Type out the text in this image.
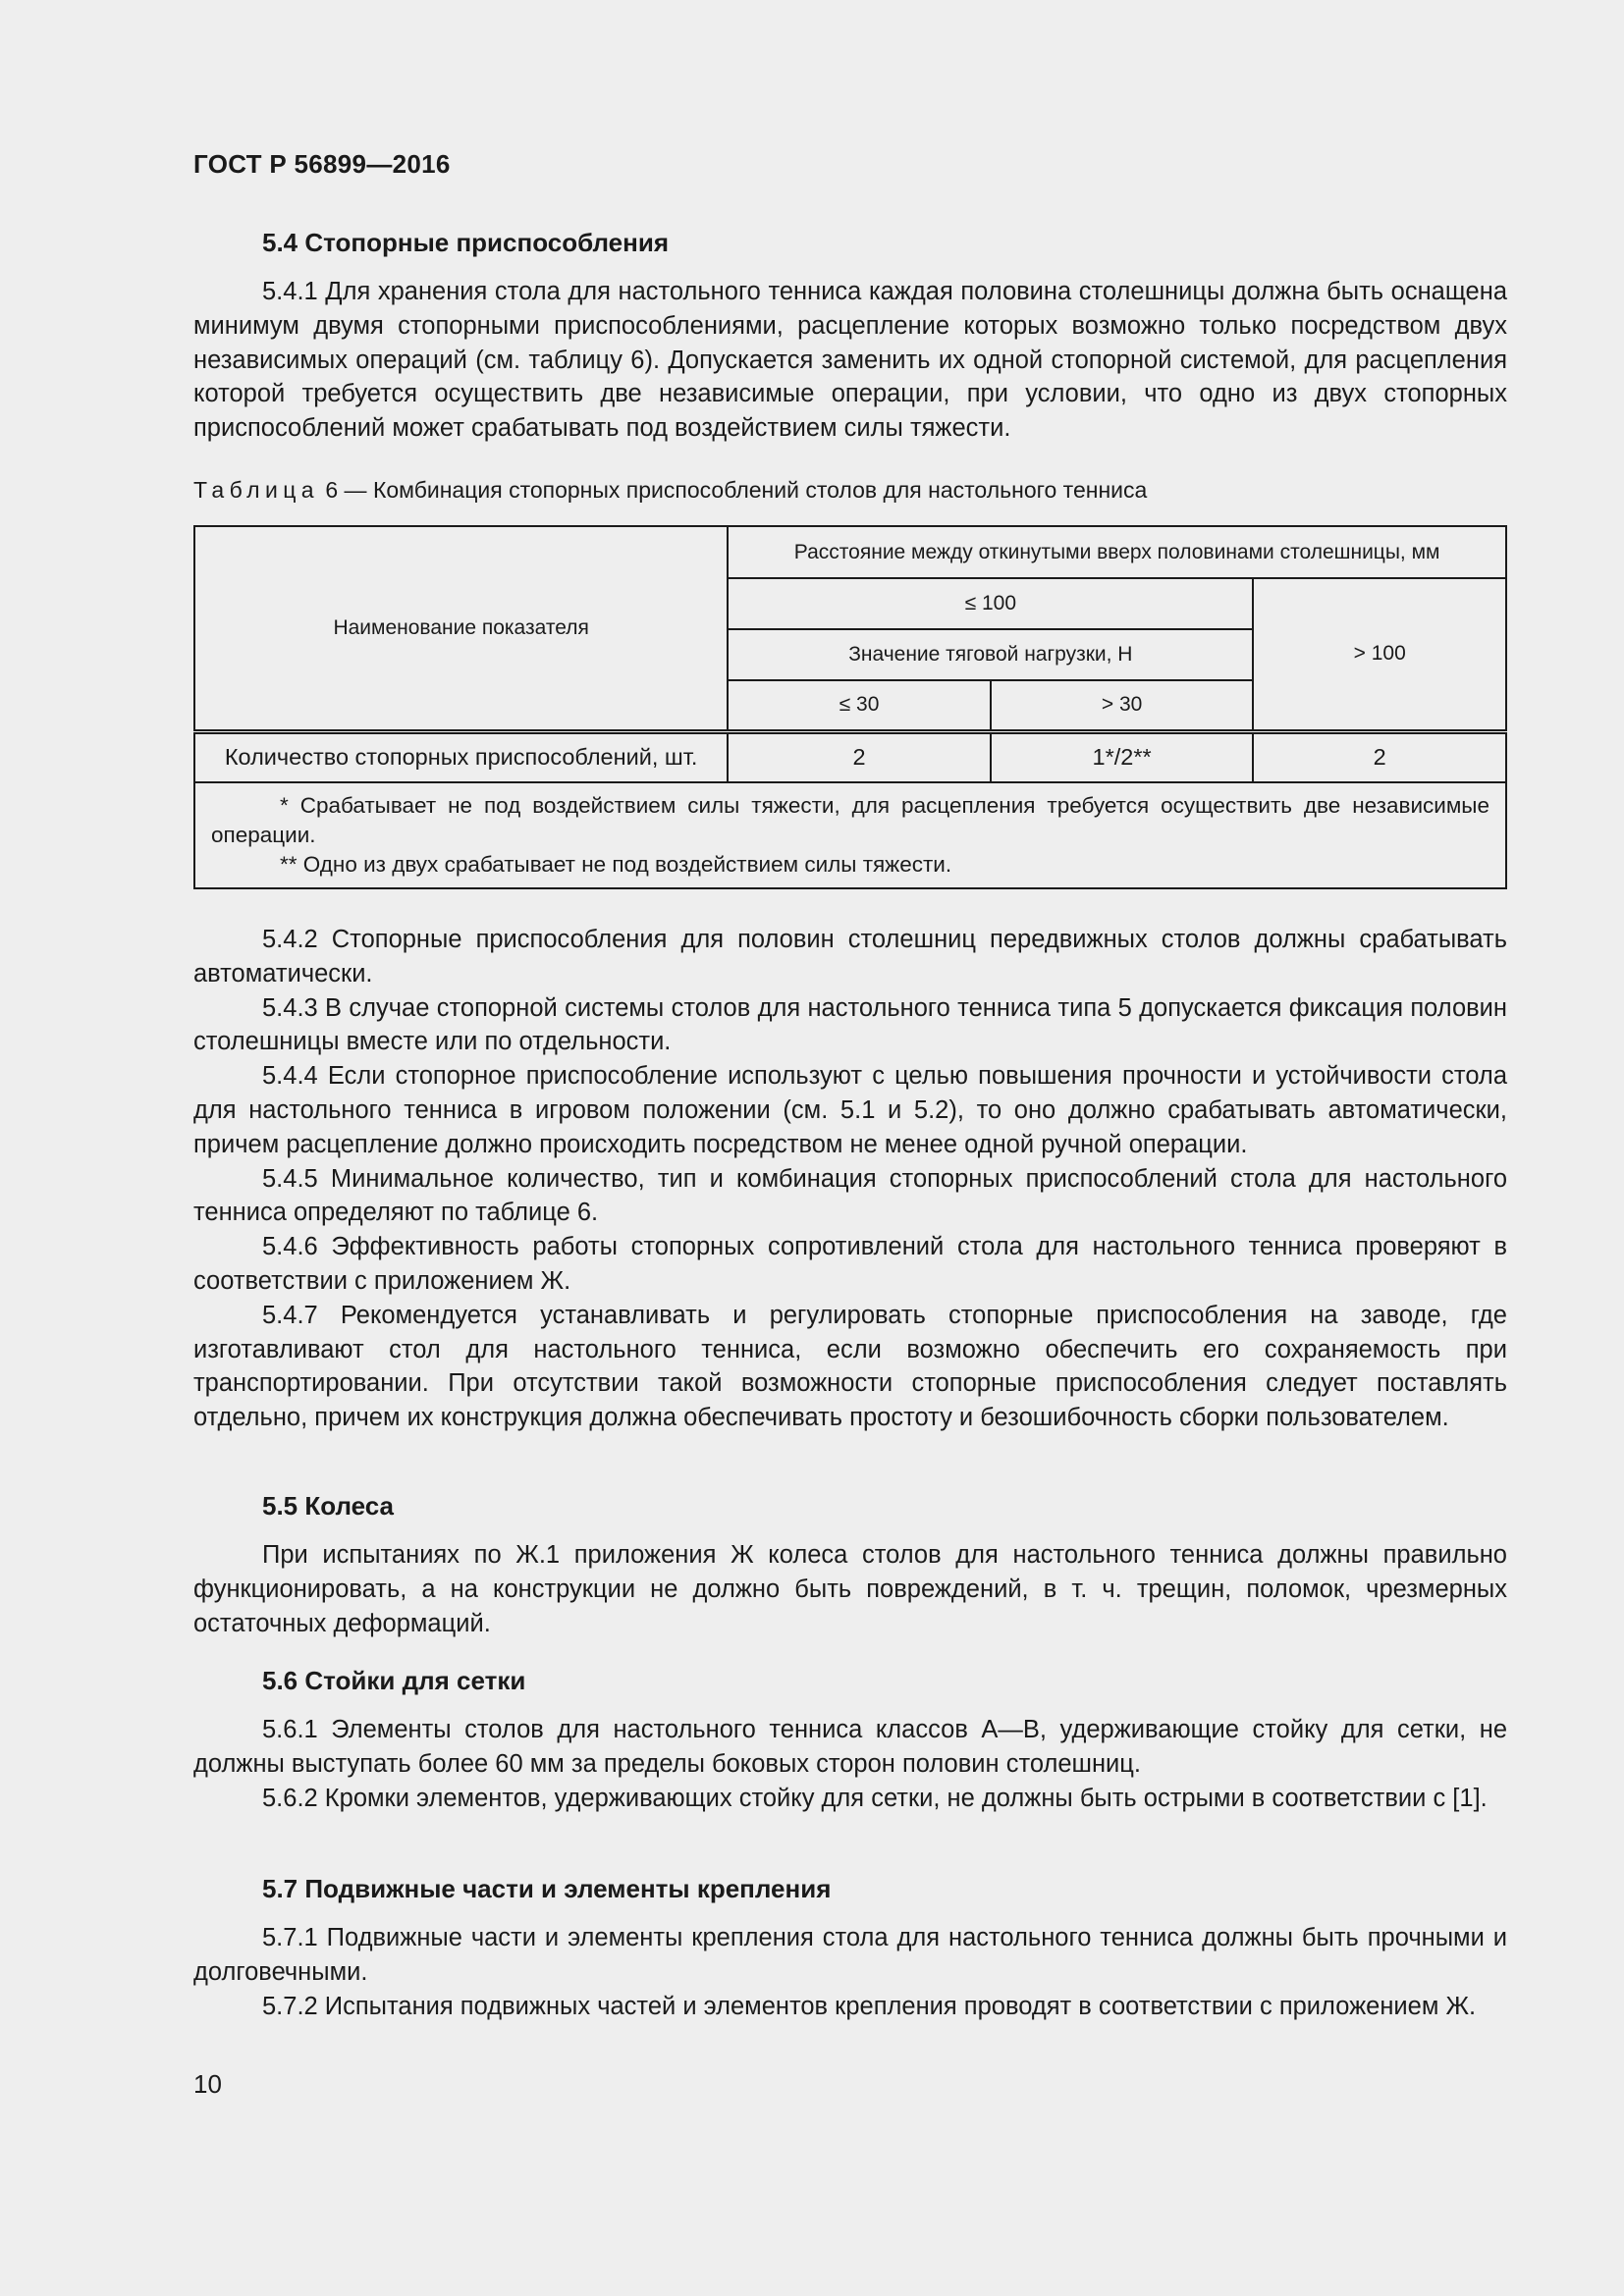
ГОСТ Р 56899—2016
5.4 Стопорные приспособления

5.4.1 Для хранения стола для настольного тенниса каждая половина столешницы должна быть оснащена минимум двумя стопорными приспособлениями, расцепление которых возможно только посредством двух независимых операций (см. таблицу 6). Допускается заменить их одной стопорной системой, для расцепления которой требуется осуществить две независимые операции, при условии, что одно из двух стопорных приспособлений может срабатывать под воздействием силы тяжести.

Таблица 6 — Комбинация стопорных приспособлений столов для настольного тенниса
Наименование показателя	Расстояние между откинутыми вверх половинами столешницы, мм		
	≤ 100		> 100
	Значение тяговой нагрузки, Н		
	≤ 30	> 30	
Количество стопорных приспособлений, шт.	2	1*/2**	2

* Срабатывает не под воздействием силы тяжести, для расцепления требуется осуществить две независимые операции.
** Одно из двух срабатывает не под воздействием силы тяжести.			

5.4.2 Стопорные приспособления для половин столешниц передвижных столов должны срабатывать автоматически.

5.4.3 В случае стопорной системы столов для настольного тенниса типа 5 допускается фиксация половин столешницы вместе или по отдельности.

5.4.4 Если стопорное приспособление используют с целью повышения прочности и устойчивости стола для настольного тенниса в игровом положении (см. 5.1 и 5.2), то оно должно срабатывать автоматически, причем расцепление должно происходить посредством не менее одной ручной операции.

5.4.5 Минимальное количество, тип и комбинация стопорных приспособлений стола для настольного тенниса определяют по таблице 6.

5.4.6 Эффективность работы стопорных сопротивлений стола для настольного тенниса проверяют в соответствии с приложением Ж.

5.4.7 Рекомендуется устанавливать и регулировать стопорные приспособления на заводе, где изготавливают стол для настольного тенниса, если возможно обеспечить его сохраняемость при транспортировании. При отсутствии такой возможности стопорные приспособления следует поставлять отдельно, причем их конструкция должна обеспечивать простоту и безошибочность сборки пользователем.

5.5 Колеса

При испытаниях по Ж.1 приложения Ж колеса столов для настольного тенниса должны правильно функционировать, а на конструкции не должно быть повреждений, в т. ч. трещин, поломок, чрезмерных остаточных деформаций.

5.6 Стойки для сетки

5.6.1 Элементы столов для настольного тенниса классов А—В, удерживающие стойку для сетки, не должны выступать более 60 мм за пределы боковых сторон половин столешниц.

5.6.2 Кромки элементов, удерживающих стойку для сетки, не должны быть острыми в соответствии с [1].

5.7 Подвижные части и элементы крепления

5.7.1 Подвижные части и элементы крепления стола для настольного тенниса должны быть прочными и долговечными.

5.7.2 Испытания подвижных частей и элементов крепления проводят в соответствии с приложением Ж.

10
